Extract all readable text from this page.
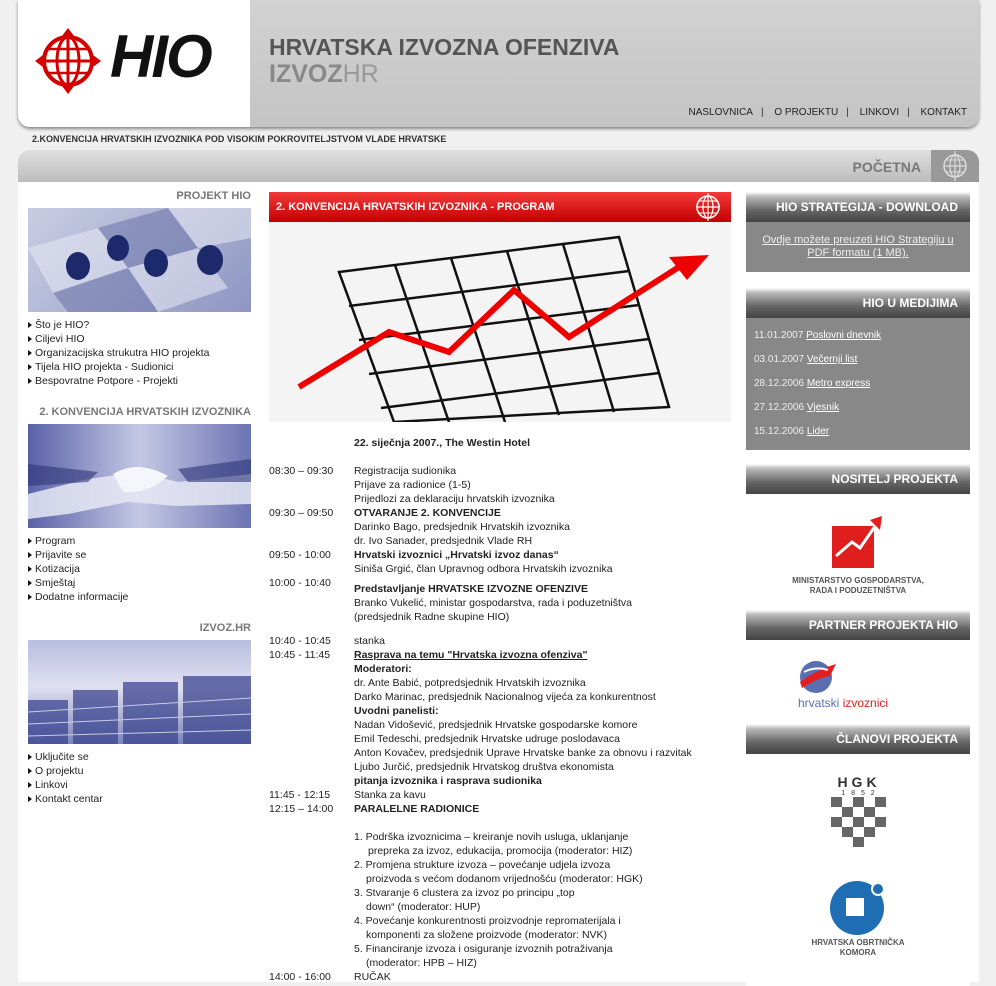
HIO	HRVATSKA IZVOZNA OFENZIVA
IZVOZHR
NASLOVNICA | O PROJEKTU | LINKOVI | KONTAKT
2.KONVENCIJA HRVATSKIH IZVOZNIKA POD VISOKIM POKROVITELJSTVOM VLADE HRVATSKE
POČETNA
PROJEKT HIO
Što je HIO?
Ciljevi HIO
Organizacijska strukutra HIO projekta
Tijela HIO projekta - Sudionici
Bespovratne Potpore - Projekti
2. KONVENCIJA HRVATSKIH IZVOZNIKA
Program
Prijavite se
Kotizacija
Smještaj
Dodatne informacije
IZVOZ.HR
Uključite se
O projektu
Linkovi
Kontakt centar
2. KONVENCIJA HRVATSKIH IZVOZNIKA - PROGRAM
22. siječnja 2007., The Westin Hotel
08:30 – 09:30	Registracija sudionika
Prijave za radionice (1-5)
Prijedlozi za deklaraciju hrvatskih izvoznika
09:30 – 09:50	OTVARANJE 2. KONVENCIJE
Darinko Bago, predsjednik Hrvatskih izvoznika
dr. Ivo Sanader, predsjednik Vlade RH
09:50 - 10:00	Hrvatski izvoznici „Hrvatski izvoz danas“
Siniša Grgić, član Upravnog odbora Hrvatskih izvoznika
10:00 - 10:40	Predstavljanje HRVATSKE IZVOZNE OFENZIVE
Branko Vukelić, ministar gospodarstva, rada i poduzetništva
(predsjednik Radne skupine HIO)
10:40 - 10:45	stanka
10:45 - 11:45	Rasprava na temu "Hrvatska izvozna ofenziva"
Moderatori:
dr. Ante Babić, potpredsjednik Hrvatskih izvoznika
Darko Marinac, predsjednik Nacionalnog vijeća za konkurentnost
Uvodni panelisti:
Nadan Vidošević, predsjednik Hrvatske gospodarske komore
Emil Tedeschi, predsjednik Hrvatske udruge poslodavaca
Anton Kovačev, predsjednik Uprave Hrvatske banke za obnovu i razvitak
Ljubo Jurčić, predsjednik Hrvatskog društva ekonomista
pitanja izvoznika i rasprava sudionika
11:45 - 12:15	Stanka za kavu
12:15 – 14:00	PARALELNE RADIONICE
1. Podrška izvoznicima – kreiranje novih usluga, uklanjanje
prepreka za izvoz, edukacija, promocija (moderator: HIZ)
2. Promjena strukture izvoza – povećanje udjela izvoza
proizvoda s većom dodanom vrijednošću (moderator: HGK)
3. Stvaranje 6 clustera za izvoz po principu „top
down“ (moderator: HUP)
4. Povećanje konkurentnosti proizvodnje repromaterijala i
komponenti za složene proizvode (moderator: NVK)
5. Financiranje izvoza i osiguranje izvoznih potraživanja
(moderator: HPB – HIZ)
14:00 - 16:00	RUČAK
HIO STRATEGIJA - DOWNLOAD
Ovdje možete preuzeti HIO Strategiju u PDF formatu (1 MB).
HIO U MEDIJIMA
11.01.2007 Poslovni dnevnik
03.01.2007 Večernji list
28.12.2006 Metro express
27.12.2006 Vjesnik
15.12.2006 Lider
NOSITELJ PROJEKTA
MINISTARSTVO GOSPODARSTVA,
RADA I PODUZETNIŠTVA
PARTNER PROJEKTA HIO
hrvatski izvoznici
ČLANOVI PROJEKTA
HGK
1 8 5 2
HRVATSKA OBRTNIČKA
KOMORA
